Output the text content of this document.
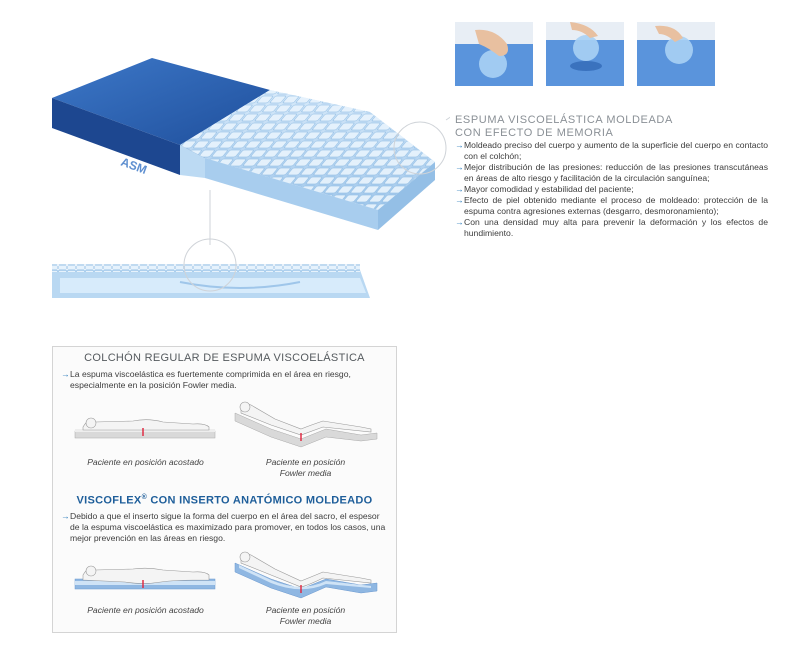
ASM
ESPUMA VISCOELÁSTICA MOLDEADA
CON EFECTO DE MEMORIA
→ Moldeado preciso del cuerpo y aumento de la superficie del cuerpo en contacto con el colchón;
→ Mejor distribución de las presiones: reducción de las presiones transcutáneas en áreas de alto riesgo y facilitación de la circulación sanguínea;
→ Mayor comodidad y estabilidad del paciente;
→ Efecto de piel obtenido mediante el proceso de moldeado: protección de la espuma contra agresiones externas (desgarro, desmoronamiento);
→ Con una densidad muy alta para prevenir la deformación y los efectos de hundimiento.
COLCHÓN REGULAR DE ESPUMA VISCOELÁSTICA
→ La espuma viscoelástica es fuertemente comprimida en el área en riesgo, especialmente en la posición Fowler media.
Paciente en posición acostado	Paciente en posición
Fowler media
VISCOFLEX® CON INSERTO ANATÓMICO MOLDEADO
→ Debido a que el inserto sigue la forma del cuerpo en el área del sacro, el espesor de la espuma viscoelástica es maximizado para promover, en todos los casos, una mejor prevención en las áreas en riesgo.
Paciente en posición acostado	Paciente en posición
Fowler media
